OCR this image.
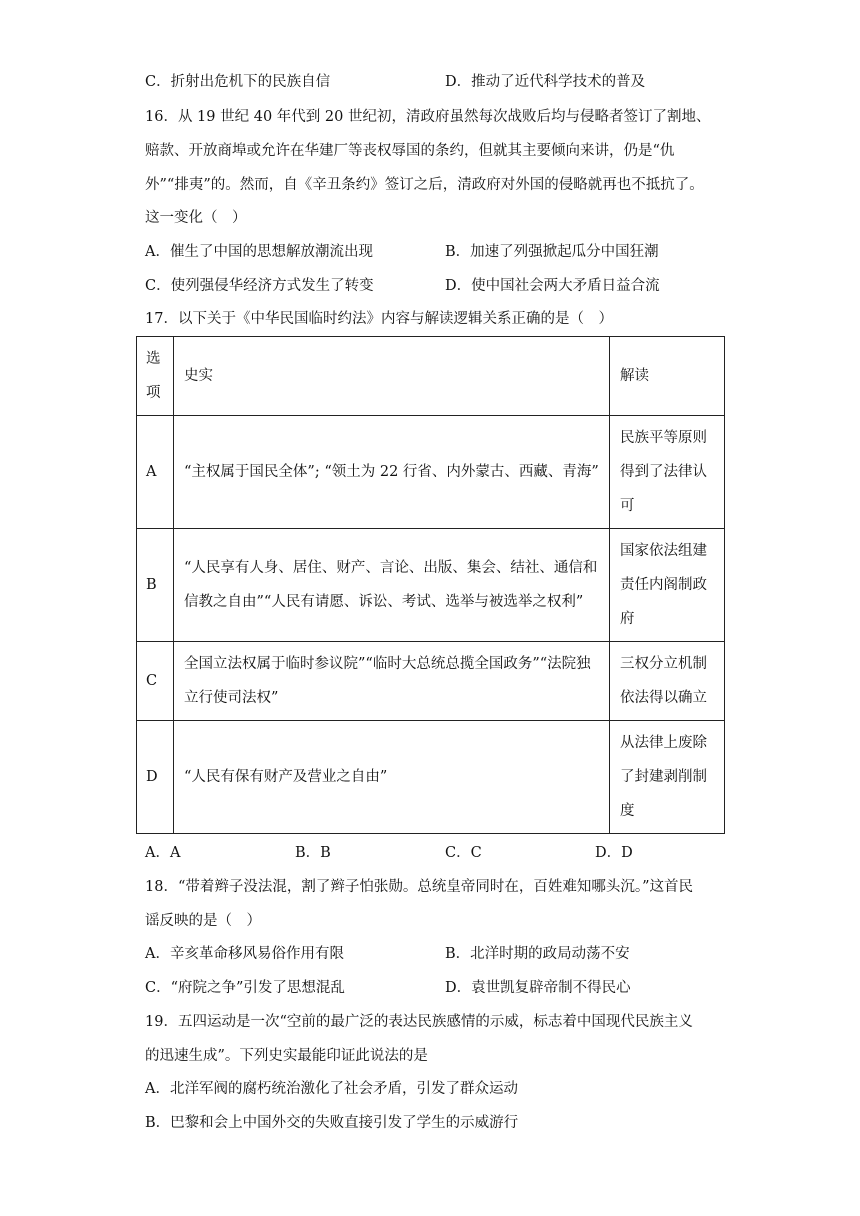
C．折射出危机下的民族自信	D．推动了近代科学技术的普及
16．从 19 世纪 40 年代到 20 世纪初，清政府虽然每次战败后均与侵略者签订了割地、
赔款、开放商埠或允许在华建厂等丧权辱国的条约，但就其主要倾向来讲，仍是“仇
外”“排夷”的。然而，自《辛丑条约》签订之后，清政府对外国的侵略就再也不抵抗了。
这一变化（　）
A．催生了中国的思想解放潮流出现	B．加速了列强掀起瓜分中国狂潮
C．使列强侵华经济方式发生了转变	D．使中国社会两大矛盾日益合流
17．以下关于《中华民国临时约法》内容与解读逻辑关系正确的是（　）
选项	史实	解读
A	“主权属于国民全体”; “领土为 22 行省、内外蒙古、西藏、青海”	民族平等原则得到了法律认可
B	“人民享有人身、居住、财产、言论、出版、集会、结社、通信和信教之自由”“人民有请愿、诉讼、考试、选举与被选举之权利”	国家依法组建责任内阁制政府
C	全国立法权属于临时参议院”“临时大总统总揽全国政务”“法院独立行使司法权”	三权分立机制依法得以确立
D	“人民有保有财产及营业之自由”	从法律上废除了封建剥削制度
A．A	B．B	C．C	D．D
18．“带着辫子没法混，割了辫子怕张勋。总统皇帝同时在，百姓难知哪头沉。”这首民
谣反映的是（　）
A．辛亥革命移风易俗作用有限	B．北洋时期的政局动荡不安
C．“府院之争”引发了思想混乱	D．袁世凯复辟帝制不得民心
19．五四运动是一次“空前的最广泛的表达民族感情的示威，标志着中国现代民族主义
的迅速生成”。下列史实最能印证此说法的是
A．北洋军阀的腐朽统治激化了社会矛盾，引发了群众运动
B．巴黎和会上中国外交的失败直接引发了学生的示威游行
